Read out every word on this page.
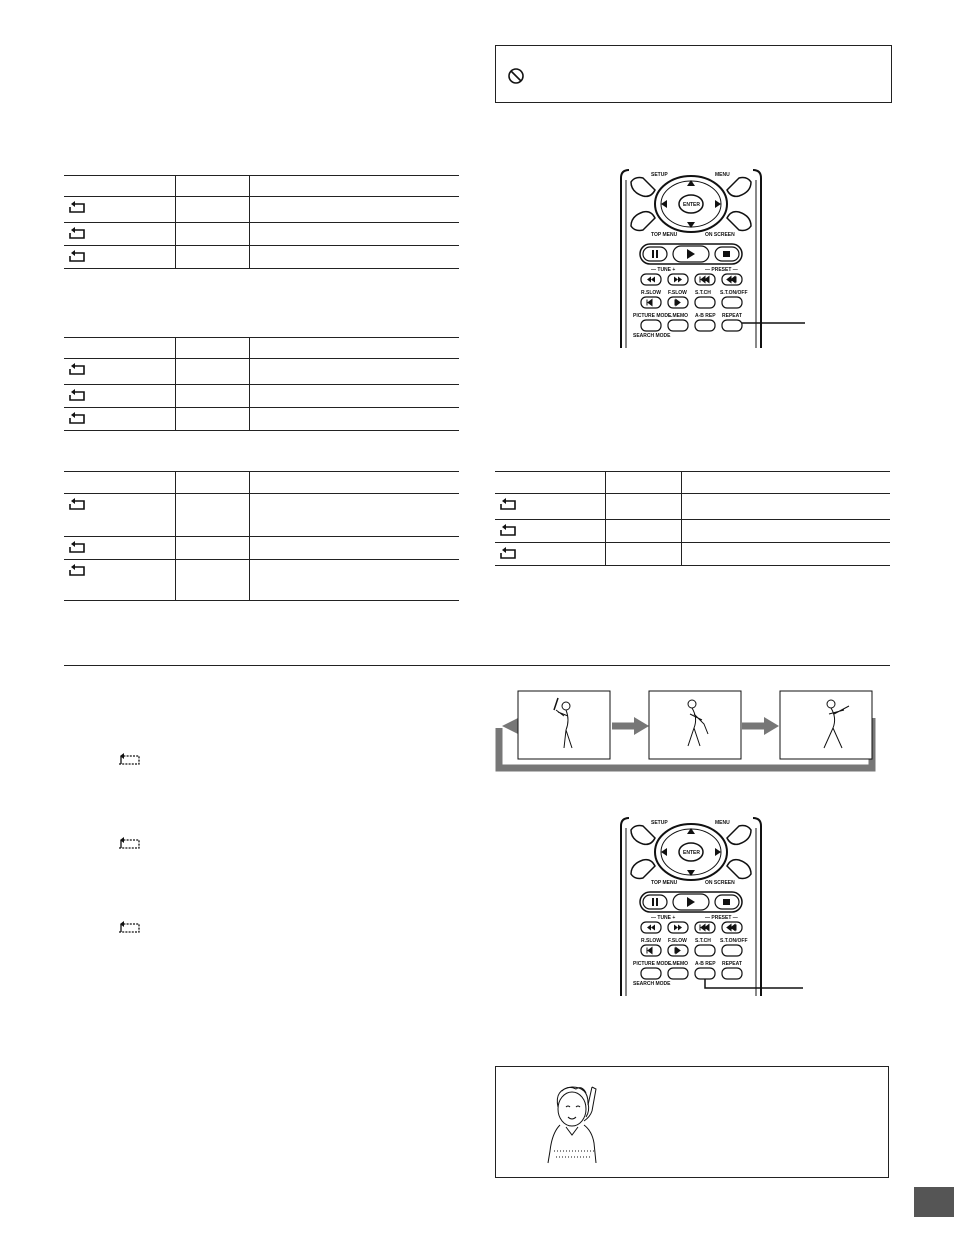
SETUP	MENU
ENTER
TOP MENU	ON SCREEN
— TUNE +	— PRESET —
R.SLOW F.SLOW S.T.CH S.T.ON/OFF
PICTURE MODE
L.MEMO A-B REP REPEAT
SEARCH MODE
SETUP	MENU
ENTER
TOP MENU	ON SCREEN
— TUNE +	— PRESET —
R.SLOW F.SLOW S.T.CH S.T.ON/OFF
PICTURE MODE
L.MEMO A-B REP REPEAT
SEARCH MODE
